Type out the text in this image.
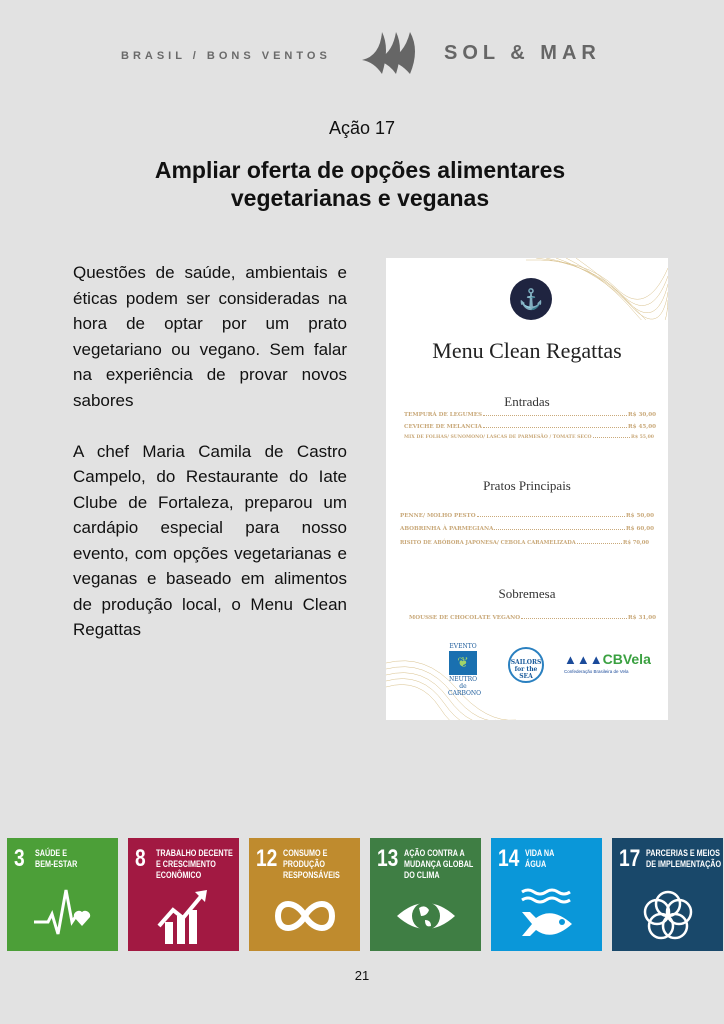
BRASIL / BONS VENTOS	SOL & MAR
Ação 17
Ampliar oferta de opções alimentares
vegetarianas e veganas

Questões de saúde, ambientais e éticas podem ser consideradas na hora de optar por um prato vegetariano ou vegano. Sem falar na experiência de provar novos sabores

A chef Maria Camila de Castro Campelo, do Restaurante do Iate Clube de Fortaleza, preparou um cardápio especial para nosso evento, com opções vegetarianas e veganas e baseado em alimentos de produção local, o Menu Clean Regattas

⚓
Menu Clean Regattas
Entradas
TEMPURÁ DE LEGUMES	R$ 30,00
CEVICHE DE MELANCIA	R$ 45,00
MIX DE FOLHAS/ SUNOMONO/ LASCAS DE PARMESÃO / TOMATE SECO	R$ 55,00
Pratos Principais
PENNE/ MOLHO PESTO	R$ 50,00
ABOBRINHA À PARMEGIANA	R$ 60,00
RISITO DE ABÓBORA JAPONESA/ CEBOLA CARAMELIZADA	R$ 70,00
Sobremesa
MOUSSE DE CHOCOLATE VEGANO	R$ 31,00
EVENTO
❦
NEUTRO de CARBONO
SAILORS for the SEA
▲▲▲CBVela
Confederação Brasileira de Vela
3 SAÚDE E
BEM-ESTAR 8 TRABALHO DECENTE
E CRESCIMENTO
ECONÔMICO
12 CONSUMO E
PRODUÇÃO
RESPONSÁVEIS
13 AÇÃO CONTRA A
MUDANÇA GLOBAL
DO CLIMA
14 VIDA NA
ÁGUA	17 PARCERIAS E MEIOS
DE IMPLEMENTAÇÃO
21
